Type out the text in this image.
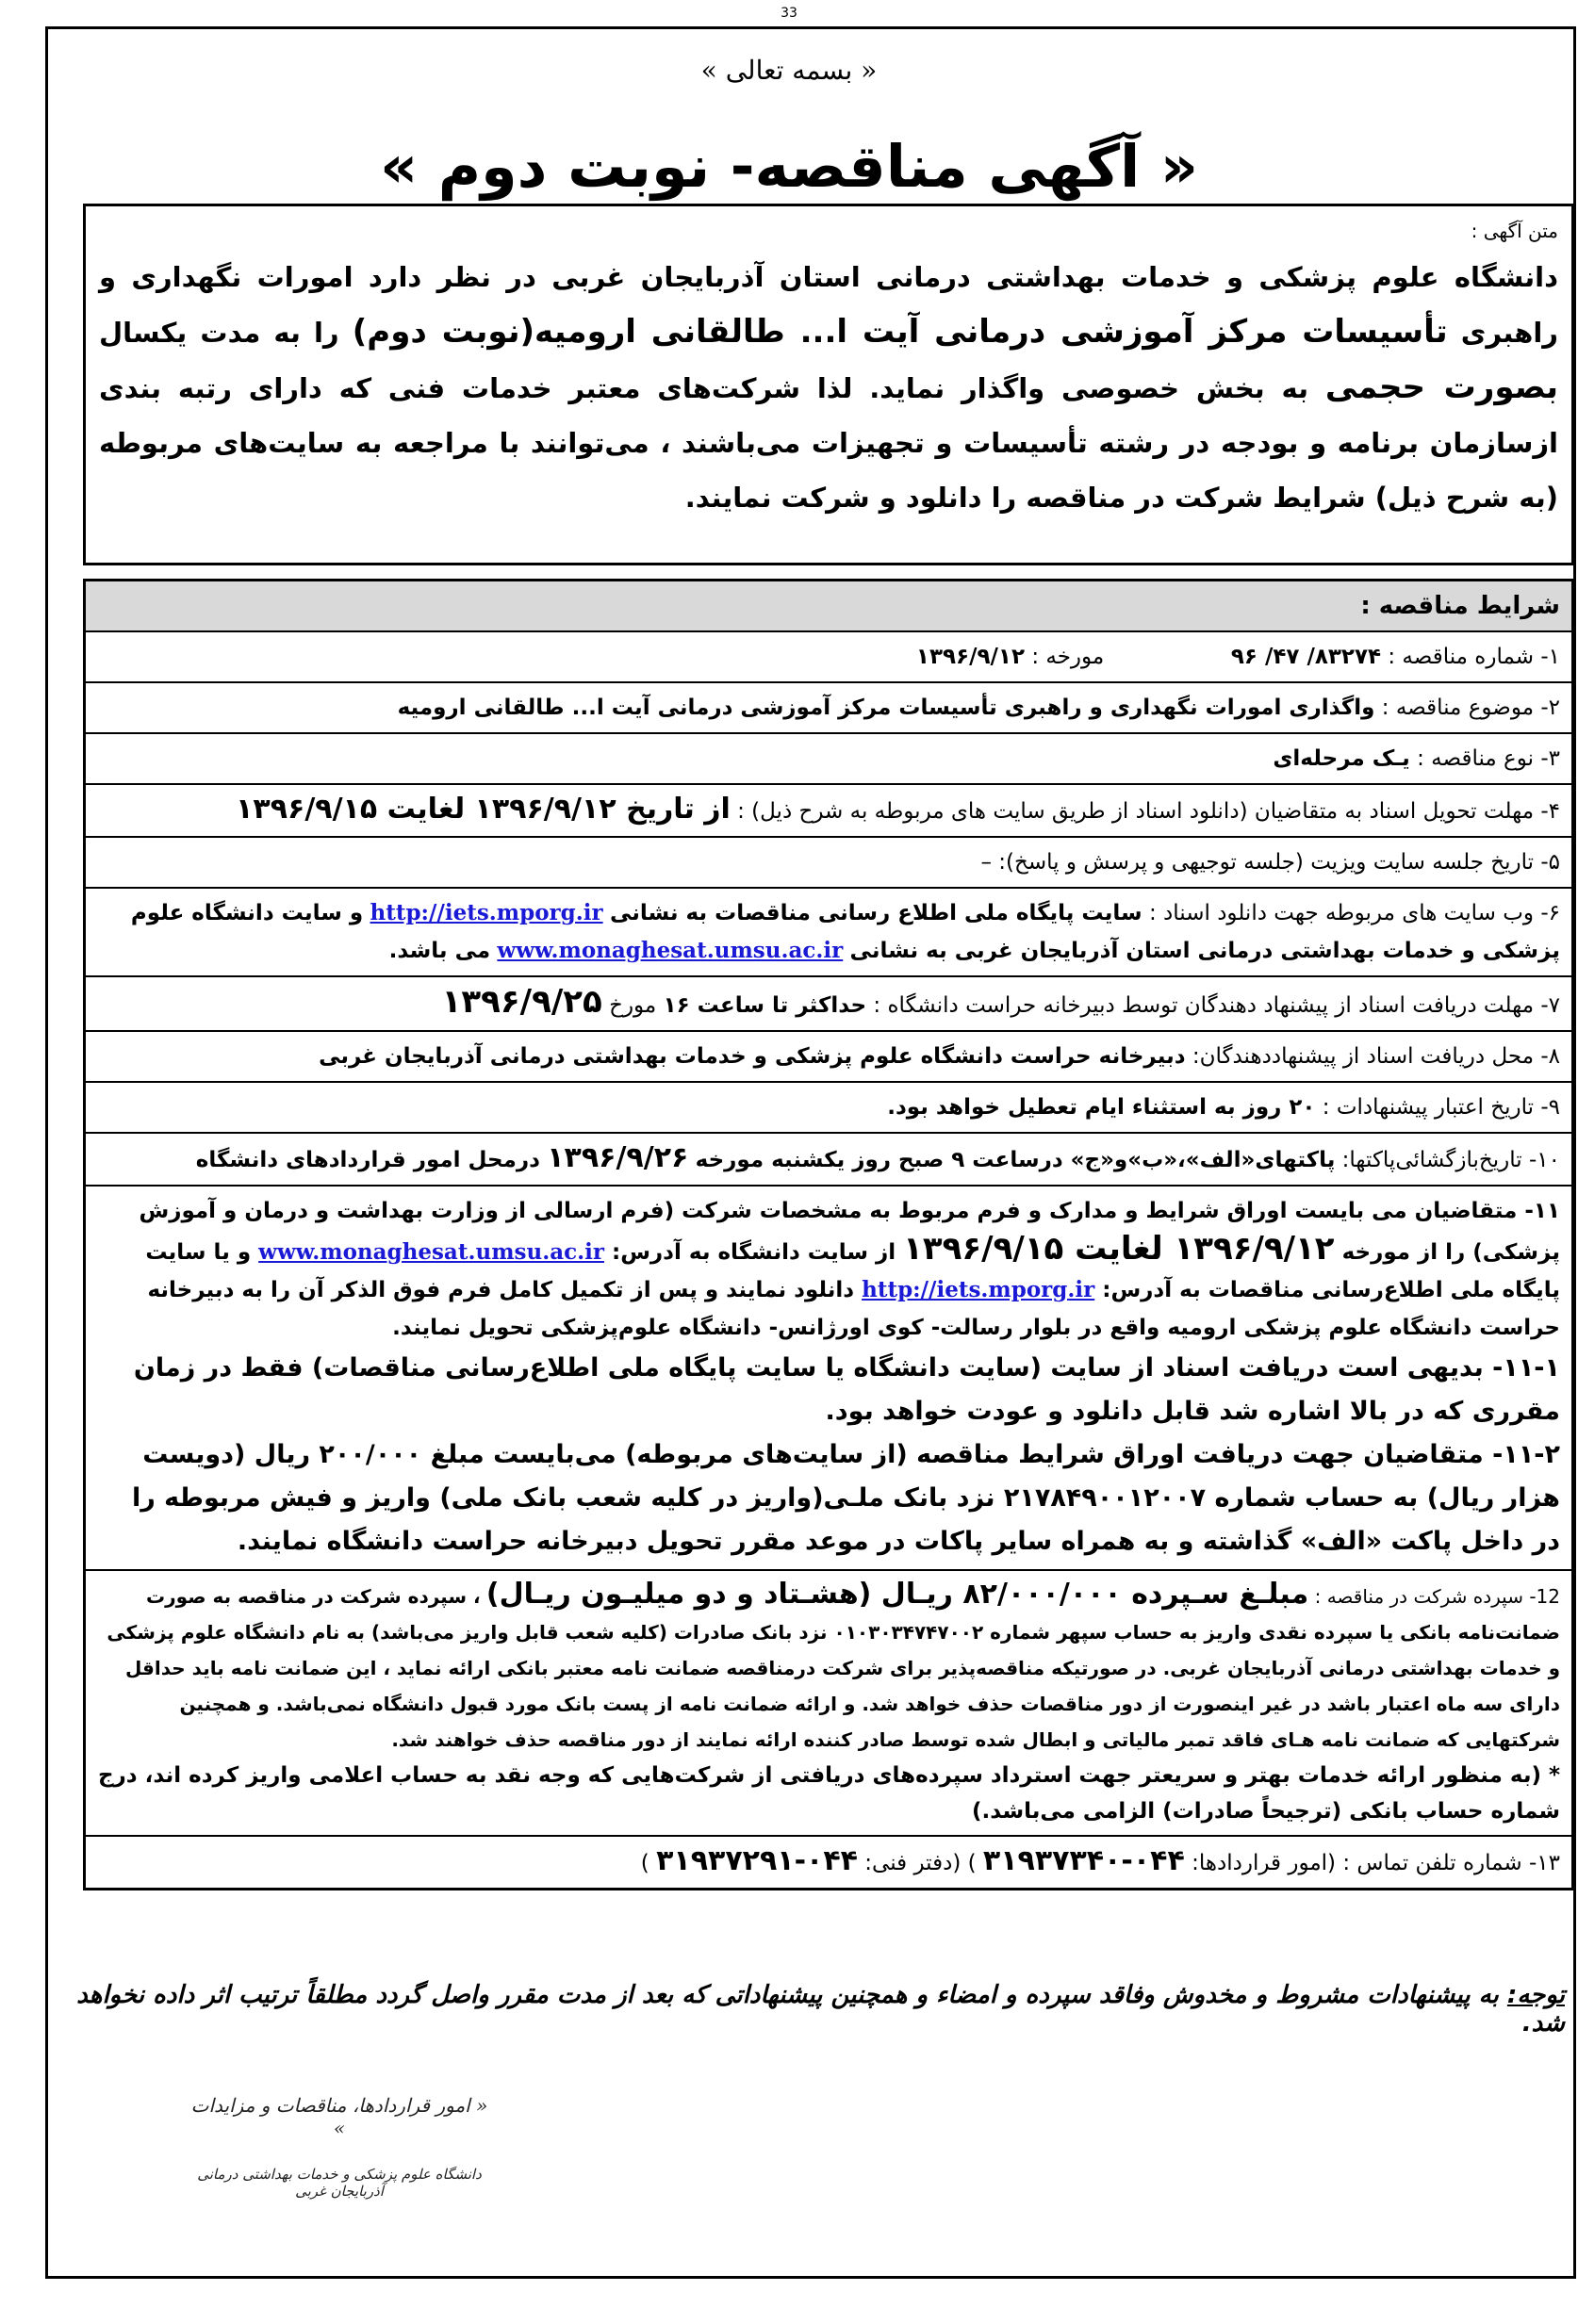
33
« بسمه تعالی »
« آگهی مناقصه- نوبت دوم »
متن آگهی :
دانشگاه علوم پزشکی و خدمات بهداشتی درمانی استان آذربایجان غربی در نظر دارد امورات نگهداری و راهبری تأسیسات مرکز آموزشی درمانی آیت ا... طالقانی ارومیه(نوبت دوم) را به مدت یکسال بصورت حجمی به بخش خصوصی واگذار نماید. لذا شرکت‌های معتبر خدمات فنی که دارای رتبه بندی ازسازمان برنامه و بودجه در رشته تأسیسات و تجهیزات می‌باشند ، می‌توانند با مراجعه به سایت‌های مربوطه (به شرح ذیل) شرایط شرکت در مناقصه را دانلود و شرکت نمایند.
شرایط مناقصه :
۱- شماره مناقصه : ۸۳۲۷۴/ ۴۷/ ۹۶  مورخه : ۱۳۹۶/۹/۱۲
۲- موضوع مناقصه : واگذاری امورات نگهداری و راهبری تأسیسات مرکز آموزشی درمانی آیت ا... طالقانی ارومیه
۳- نوع مناقصه : یـک مرحله‌ای
۴- مهلت تحویل اسناد به متقاضیان (دانلود اسناد از طریق سایت های مربوطه به شرح ذیل) : از تاریخ ۱۳۹۶/۹/۱۲ لغایت ۱۳۹۶/۹/۱۵
۵- تاریخ جلسه سایت ویزیت (جلسه توجیهی و پرسش و پاسخ): –
۶- وب سایت های مربوطه جهت دانلود اسناد : سایت پایگاه ملی اطلاع رسانی مناقصات به نشانی http://iets.mporg.ir و سایت دانشگاه علوم پزشکی و خدمات بهداشتی درمانی استان آذربایجان غربی به نشانی www.monaghesat.umsu.ac.ir می باشد.
۷- مهلت دریافت اسناد از پیشنهاد دهندگان توسط دبیرخانه حراست دانشگاه : حداکثر تا ساعت ۱۶ مورخ ۱۳۹۶/۹/۲۵
۸- محل دریافت اسناد از پیشنهاددهندگان: دبیرخانه حراست دانشگاه علوم پزشکی و خدمات بهداشتی درمانی آذربایجان غربی
۹- تاریخ اعتبار پیشنهادات : ۲۰ روز به استثناء ایام تعطیل خواهد بود.
۱۰- تاریخ‌بازگشائی‌پاکتها: پاکتهای«الف»،«ب»و«ج» درساعت ۹ صبح روز یکشنبه مورخه ۱۳۹۶/۹/۲۶ درمحل امور قراردادهای دانشگاه
۱۱- متقاضیان می بایست اوراق شرایط و مدارک و فرم مربوط به مشخصات شرکت (فرم ارسالی از وزارت بهداشت و درمان و آموزش پزشکی) را از مورخه ۱۳۹۶/۹/۱۲ لغایت ۱۳۹۶/۹/۱۵ از سایت دانشگاه به آدرس: www.monaghesat.umsu.ac.ir و یا سایت پایگاه ملی اطلاع‌رسانی مناقصات به آدرس: http://iets.mporg.ir دانلود نمایند و پس از تکمیل کامل فرم فوق الذکر آن را به دبیرخانه حراست دانشگاه علوم پزشکی ارومیه واقع در بلوار رسالت- کوی اورژانس- دانشگاه علوم‌پزشکی تحویل نمایند.
۱۱-۱- بدیهی است دریافت اسناد از سایت (سایت دانشگاه یا سایت پایگاه ملی اطلاع‌رسانی مناقصات) فقط در زمان مقرری که در بالا اشاره شد قابل دانلود و عودت خواهد بود.
۱۱-۲- متقاضیان جهت دریافت اوراق شرایط مناقصه (از سایت‌های مربوطه) می‌بایست مبلغ ۲۰۰/۰۰۰ ریال (دویست هزار ریال) به حساب شماره ۲۱۷۸۴۹۰۰۱۲۰۰۷ نزد بانک ملـی(واریز در کلیه شعب بانک ملی) واریز و فیش مربوطه را در داخل پاکت «الف» گذاشته و به همراه سایر پاکات در موعد مقرر تحویل دبیرخانه حراست دانشگاه نمایند.
12- سپرده شرکت در مناقصه : مبلـغ سـپرده ۸۲/۰۰۰/۰۰۰ ریـال (هشـتاد و دو میلیـون ریـال) ، سپرده شرکت در مناقصه به صورت ضمانت‌نامه بانکی یا سپرده نقدی واریز به حساب سپهر شماره ۰۱۰۳۰۳۴۷۴۷۰۰۲ نزد بانک صادرات (کلیه شعب قابل واریز می‌باشد) به نام دانشگاه علوم پزشکی و خدمات بهداشتی درمانی آذربایجان غربی. در صورتیکه مناقصه‌پذیر برای شرکت درمناقصه ضمانت نامه معتبر بانکی ارائه نماید ، این ضمانت نامه باید حداقل دارای سه ماه اعتبار باشد در غیر اینصورت از دور مناقصات حذف خواهد شد. و ارائه ضمانت نامه از پست بانک مورد قبول دانشگاه نمی‌باشد. و همچنین شرکتهایی که ضمانت نامه هـای فاقد تمبر مالیاتی و ابطال شده توسط صادر کننده ارائه نمایند از دور مناقصه حذف خواهند شد.
* (به منظور ارائه خدمات بهتر و سریعتر جهت استرداد سپرده‌های دریافتی از شرکت‌هایی که وجه نقد به حساب اعلامی واریز کرده اند، درج شماره حساب بانکی (ترجیحاً صادرات) الزامی می‌باشد.)
۱۳- شماره تلفن تماس : (امور قراردادها: ۰۴۴-۳۱۹۳۷۳۴۰ ) (دفتر فنی: ۰۴۴-۳۱۹۳۷۲۹۱ )
توجه: به پیشنهادات مشروط و مخدوش وفاقد سپرده و امضاء و همچنین پیشنهاداتی که بعد از مدت مقرر واصل گردد مطلقاً ترتیب اثر داده نخواهد شد.
« امور قراردادها، مناقصات و مزایدات »
دانشگاه علوم پزشکی و خدمات بهداشتی درمانی آذربایجان غربی
